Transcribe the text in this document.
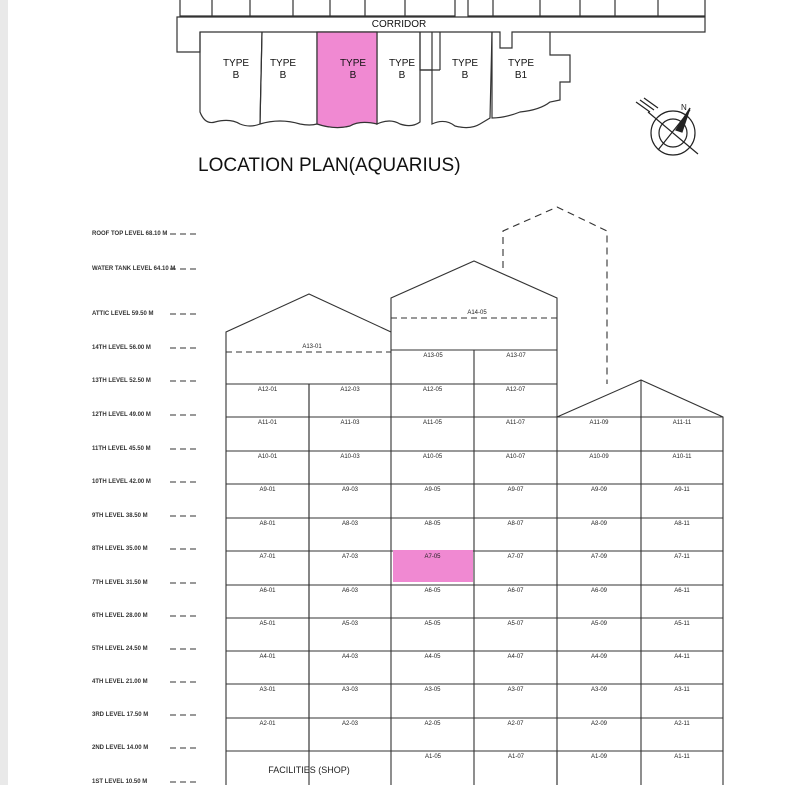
CORRIDOR
TYPE
B
TYPE
B
TYPE
B
TYPE
B
TYPE
B
TYPE
B1
LOCATION PLAN(AQUARIUS)
N
ROOF TOP LEVEL 68.10 M
WATER TANK LEVEL 64.10 M
ATTIC LEVEL 59.50 M
14TH LEVEL 56.00 M
13TH LEVEL 52.50 M
12TH LEVEL 49.00 M
11TH LEVEL 45.50 M
10TH LEVEL 42.00 M
9TH LEVEL 38.50 M
8TH LEVEL 35.00 M
7TH LEVEL 31.50 M
6TH LEVEL 28.00 M
5TH LEVEL 24.50 M
4TH LEVEL 21.00 M
3RD LEVEL 17.50 M
2ND LEVEL 14.00 M
1ST LEVEL 10.50 M
A13-01
A14-05
A13-05	A13-07
A12-01	A12-03	A12-05	A12-07
A11-01	A11-03	A11-05	A11-07	A11-09	A11-11
A10-01	A10-03	A10-05	A10-07	A10-09	A10-11
A9-01	A9-03	A9-05	A9-07	A9-09	A9-11
A8-01	A8-03	A8-05	A8-07	A8-09	A8-11
A7-01	A7-03	A7-05	A7-07	A7-09	A7-11
A6-01	A6-03	A6-05	A6-07	A6-09	A6-11
A5-01	A5-03	A5-05	A5-07	A5-09	A5-11
A4-01	A4-03	A4-05	A4-07	A4-09	A4-11
A3-01	A3-03	A3-05	A3-07	A3-09	A3-11
A2-01	A2-03	A2-05	A2-07	A2-09	A2-11
A1-05	A1-07	A1-09	A1-11
FACILITIES (SHOP)
